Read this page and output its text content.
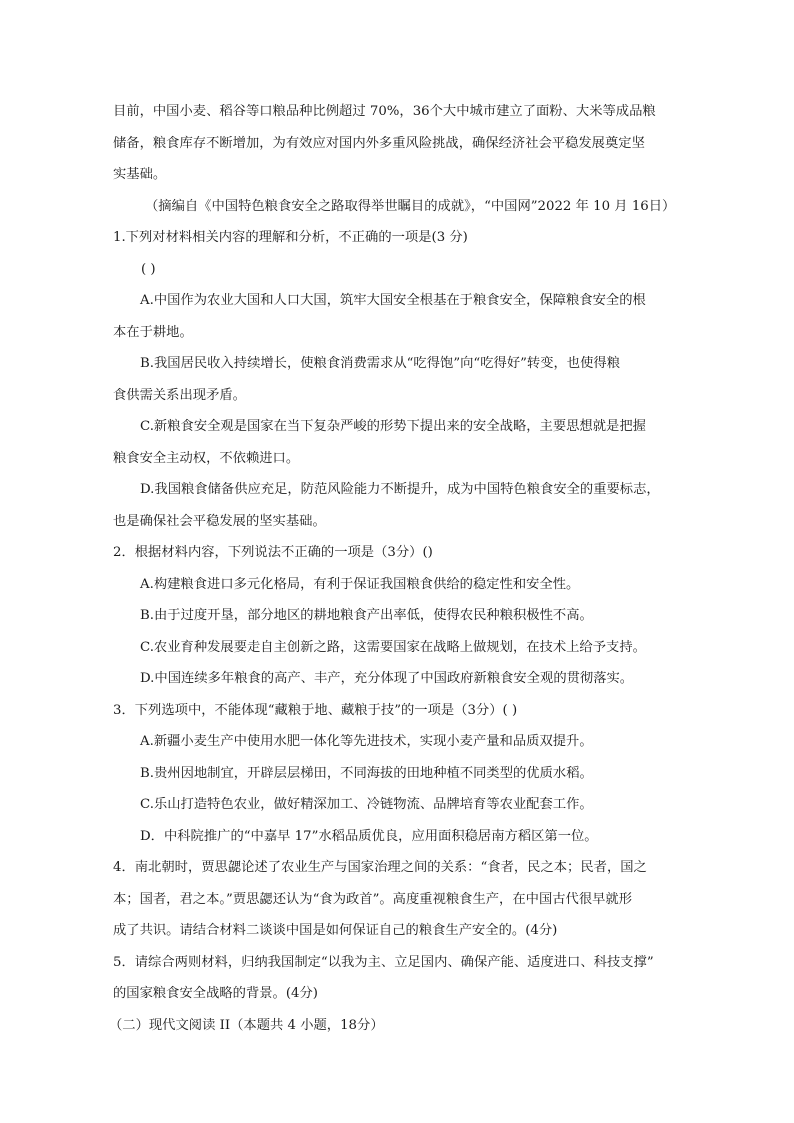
目前，中国小麦、稻谷等口粮品种比例超过 70%，36个大中城市建立了面粉、大米等成品粮
储备，粮食库存不断增加，为有效应对国内外多重风险挑战，确保经济社会平稳发展奠定坚
实基础。
（摘编自《中国特色粮食安全之路取得举世瞩目的成就》，“中国网”2022 年 10 月 16日）
1.下列对材料相关内容的理解和分析，不正确的一项是(3 分)
( )
A.中国作为农业大国和人口大国，筑牢大国安全根基在于粮食安全，保障粮食安全的根
本在于耕地。
B.我国居民收入持续增长，使粮食消费需求从“吃得饱”向“吃得好”转变，也使得粮
食供需关系出现矛盾。
C.新粮食安全观是国家在当下复杂严峻的形势下提出来的安全战略，主要思想就是把握
粮食安全主动权，不依赖进口。
D.我国粮食储备供应充足，防范风险能力不断提升，成为中国特色粮食安全的重要标志，
也是确保社会平稳发展的坚实基础。
2．根据材料内容，下列说法不正确的一项是（3分）()
A.构建粮食进口多元化格局，有利于保证我国粮食供给的稳定性和安全性。
B.由于过度开垦，部分地区的耕地粮食产出率低，使得农民种粮积极性不高。
C.农业育种发展要走自主创新之路，这需要国家在战略上做规划，在技术上给予支持。
D.中国连续多年粮食的高产、丰产，充分体现了中国政府新粮食安全观的贯彻落实。
3．下列选项中，不能体现“藏粮于地、藏粮于技”的一项是（3分）( )
A.新疆小麦生产中使用水肥一体化等先进技术，实现小麦产量和品质双提升。
B.贵州因地制宜，开辟层层梯田，不同海拔的田地种植不同类型的优质水稻。
C.乐山打造特色农业，做好精深加工、冷链物流、品牌培育等农业配套工作。
D．中科院推广的“中嘉早 17”水稻品质优良，应用面积稳居南方稻区第一位。
4．南北朝时，贾思勰论述了农业生产与国家治理之间的关系：“食者，民之本；民者，国之
本；国者，君之本。”贾思勰还认为“食为政首”。高度重视粮食生产，在中国古代很早就形
成了共识。请结合材料二谈谈中国是如何保证自己的粮食生产安全的。(4分)
5．请综合两则材料，归纳我国制定“以我为主、立足国内、确保产能、适度进口、科技支撑”
的国家粮食安全战略的背景。(4分)
（二）现代文阅读 II（本题共 4 小题，18分）
